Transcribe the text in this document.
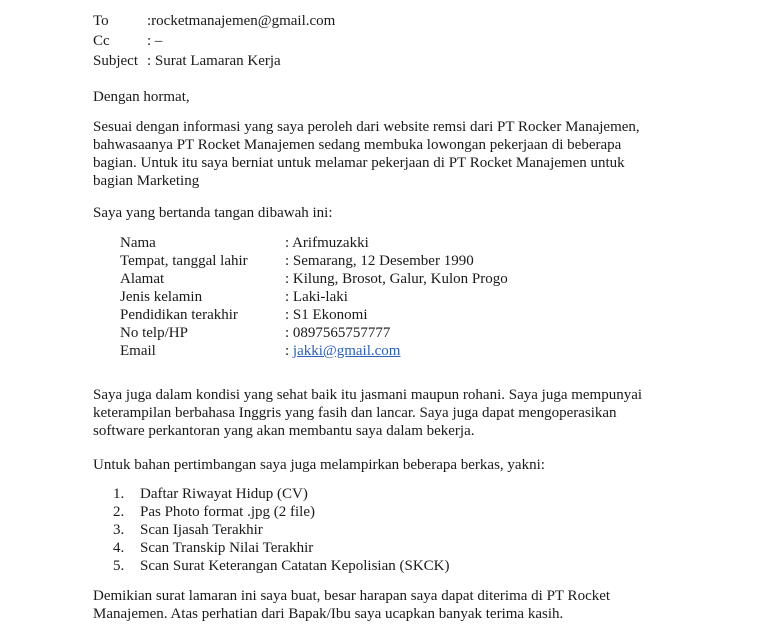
To	:rocketmanajemen@gmail.com
Cc	: –
Subject : Surat Lamaran Kerja

Dengan hormat,

Sesuai dengan informasi yang saya peroleh dari website remsi dari PT Rocker Manajemen,

bahwasaanya PT Rocket Manajemen sedang membuka lowongan pekerjaan di beberapa

bagian. Untuk itu saya berniat untuk melamar pekerjaan di PT Rocket Manajemen untuk

bagian Marketing

Saya yang bertanda tangan dibawah ini:

Nama	: Arifmuzakki
Tempat, tanggal lahir	: Semarang, 12 Desember 1990
Alamat	: Kilung, Brosot, Galur, Kulon Progo
Jenis kelamin	: Laki-laki
Pendidikan terakhir	: S1 Ekonomi
No telp/HP	: 0897565757777
Email	: jakki@gmail.com

Saya juga dalam kondisi yang sehat baik itu jasmani maupun rohani. Saya juga mempunyai

keterampilan berbahasa Inggris yang fasih dan lancar. Saya juga dapat mengoperasikan

software perkantoran yang akan membantu saya dalam bekerja.

Untuk bahan pertimbangan saya juga melampirkan beberapa berkas, yakni:

1.	Daftar Riwayat Hidup (CV)
2.	Pas Photo format .jpg (2 file)
3.	Scan Ijasah Terakhir
4.	Scan Transkip Nilai Terakhir
5.	Scan Surat Keterangan Catatan Kepolisian (SKCK)

Demikian surat lamaran ini saya buat, besar harapan saya dapat diterima di PT Rocket

Manajemen. Atas perhatian dari Bapak/Ibu saya ucapkan banyak terima kasih.
